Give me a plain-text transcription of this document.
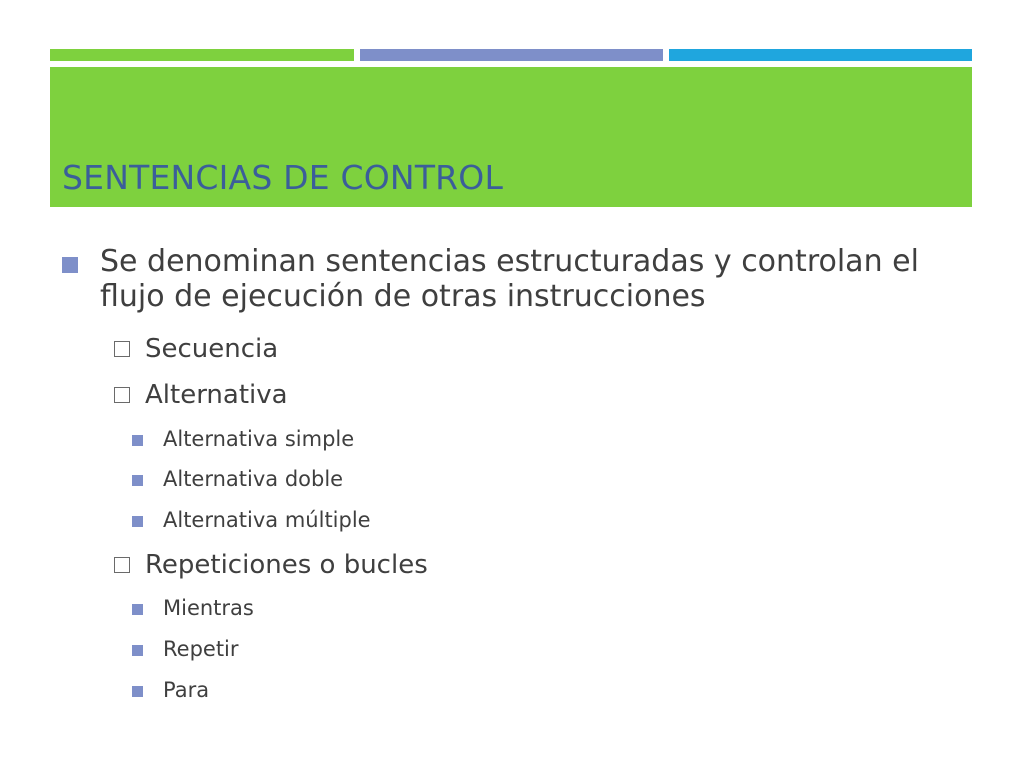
SENTENCIAS DE CONTROL
Se denominan sentencias estructuradas y controlan el flujo de ejecución de otras instrucciones
Secuencia
Alternativa
Alternativa simple
Alternativa doble
Alternativa múltiple
Repeticiones o bucles
Mientras
Repetir
Para
